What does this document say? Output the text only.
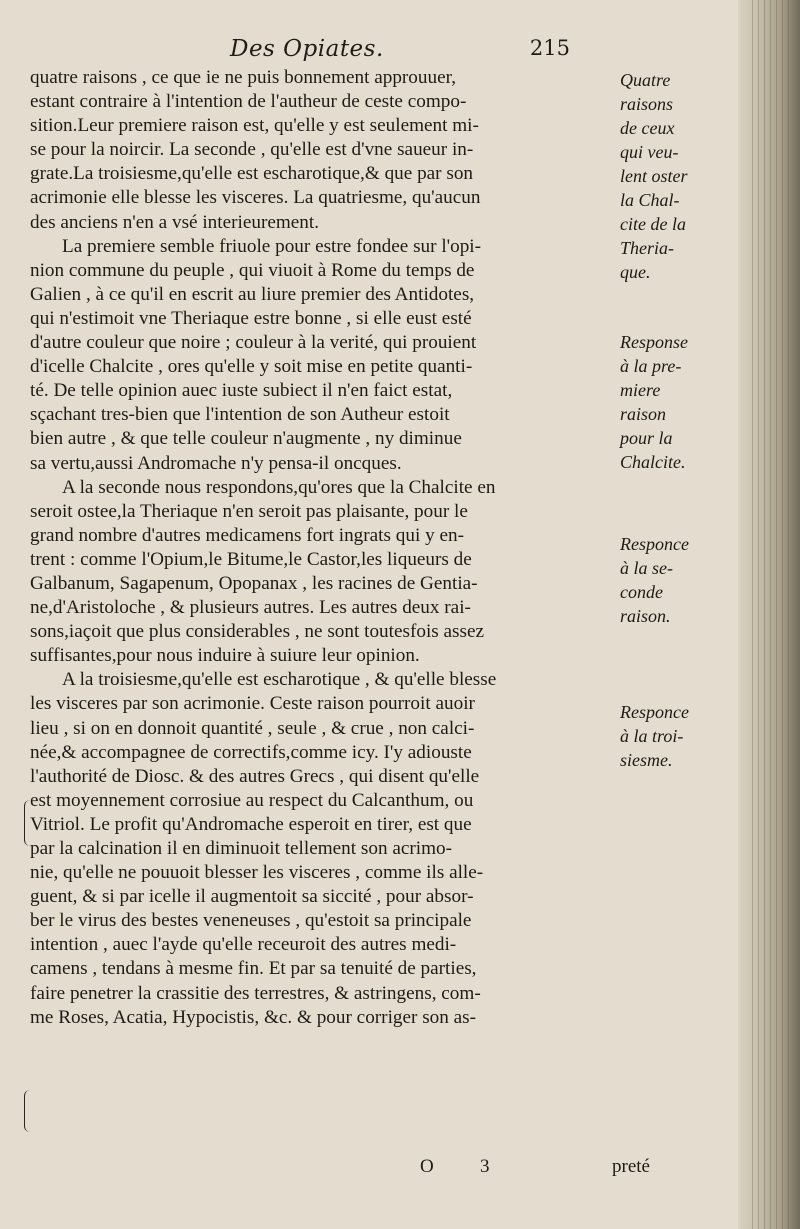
Des Opiates.	215
quatre raisons , ce que ie ne puis bonnement approuuer,
estant contraire à l'intention de l'autheur de ceste compo-
sition.Leur premiere raison est, qu'elle y est seulement mi-
se pour la noircir. La seconde , qu'elle est d'vne saueur in-
grate.La troisiesme,qu'elle est escharotique,& que par son
acrimonie elle blesse les visceres. La quatriesme, qu'aucun
des anciens n'en a vsé interieurement.
La premiere semble friuole pour estre fondee sur l'opi-
nion commune du peuple , qui viuoit à Rome du temps de
Galien , à ce qu'il en escrit au liure premier des Antidotes,
qui n'estimoit vne Theriaque estre bonne , si elle eust esté
d'autre couleur que noire ; couleur à la verité, qui prouient
d'icelle Chalcite , ores qu'elle y soit mise en petite quanti-
té. De telle opinion auec iuste subiect il n'en faict estat,
sçachant tres-bien que l'intention de son Autheur estoit
bien autre , & que telle couleur n'augmente , ny diminue
sa vertu,aussi Andromache n'y pensa-il oncques.
A la seconde nous respondons,qu'ores que la Chalcite en
seroit ostee,la Theriaque n'en seroit pas plaisante, pour le
grand nombre d'autres medicamens fort ingrats qui y en-
trent : comme l'Opium,le Bitume,le Castor,les liqueurs de
Galbanum, Sagapenum, Opopanax , les racines de Gentia-
ne,d'Aristoloche , & plusieurs autres. Les autres deux rai-
sons,iaçoit que plus considerables , ne sont toutesfois assez
suffisantes,pour nous induire à suiure leur opinion.
A la troisiesme,qu'elle est escharotique , & qu'elle blesse
les visceres par son acrimonie. Ceste raison pourroit auoir
lieu , si on en donnoit quantité , seule , & crue , non calci-
née,& accompagnee de correctifs,comme icy. I'y adiouste
l'authorité de Diosc. & des autres Grecs , qui disent qu'elle
est moyennement corrosiue au respect du Calcanthum, ou
Vitriol. Le profit qu'Andromache esperoit en tirer, est que
par la calcination il en diminuoit tellement son acrimo-
nie, qu'elle ne pouuoit blesser les visceres , comme ils alle-
guent, & si par icelle il augmentoit sa siccité , pour absor-
ber le virus des bestes veneneuses , qu'estoit sa principale
intention , auec l'ayde qu'elle receuroit des autres medi-
camens , tendans à mesme fin. Et par sa tenuité de parties,
faire penetrer la crassitie des terrestres, & astringens, com-
me Roses, Acatia, Hypocistis, &c. & pour corriger son as-
Quatre
raisons
de ceux
qui veu-
lent oster
la Chal-
cite de la
Theria-
que.
Response
à la pre-
miere
raison
pour la
Chalcite.
Responce
à la se-
conde
raison.
Responce
à la troi-
siesme.
O 3	preté
